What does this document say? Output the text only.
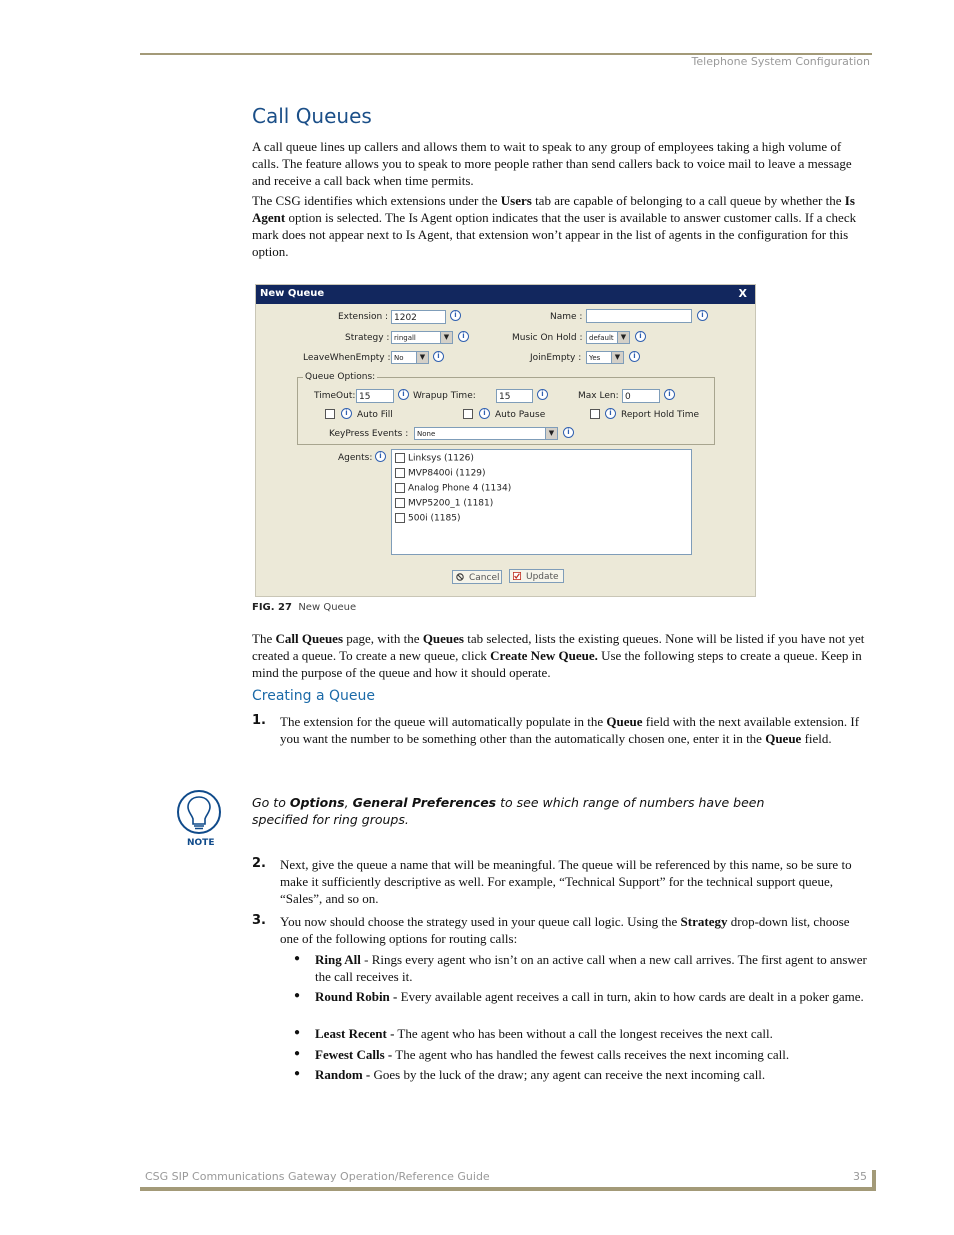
Telephone System Configuration
Call Queues

A call queue lines up callers and allows them to wait to speak to any group of employees taking a high volume of calls. The feature allows you to speak to more people rather than send callers back to voice mail to leave a message and receive a call back when time permits.

The CSG identifies which extensions under the Users tab are capable of belonging to a call queue by whether the Is Agent option is selected. The Is Agent option indicates that the user is available to answer customer calls. If a check mark does not appear next to Is Agent, that extension won’t appear in the list of agents in the configuration for this option.

New Queue	X
Extension : 1202	i	Name :	i
Strategy : ringall	▼	i	Music On Hold : default	▼	i
LeaveWhenEmpty : No	▼	i	JoinEmpty :	Yes	▼	i
Queue Options:
TimeOut: 15	i Wrapup Time:	15	i	Max Len: 0	i
i	Auto Fill	i	Auto Pause	i	Report Hold Time
KeyPress Events :	None	▼	i
Agents: i	Linksys (1126)
MVP8400i (1129)
Analog Phone 4 (1134)
MVP5200_1 (1181)
500i (1185)
Cancel	Update
FIG. 27 New Queue

The Call Queues page, with the Queues tab selected, lists the existing queues. None will be listed if you have not yet created a queue. To create a new queue, click Create New Queue. Use the following steps to create a queue. Keep in mind the purpose of the queue and how it should operate.

Creating a Queue
1. The extension for the queue will automatically populate in the Queue field with the next available extension. If you want the number to be something other than the automatically chosen one, enter it in the Queue field.

NOTE
Go to Options, General Preferences to see which range of numbers have been specified for ring groups.
2. Next, give the queue a name that will be meaningful. The queue will be referenced by this name, so be sure to make it sufficiently descriptive as well. For example, “Technical Support” for the technical support queue, “Sales”, and so on.

3. You now should choose the strategy used in your queue call logic. Using the Strategy drop-down list, choose one of the following options for routing calls:

● Ring All - Rings every agent who isn’t on an active call when a new call arrives. The first agent to answer the call receives it.

● Round Robin - Every available agent receives a call in turn, akin to how cards are dealt in a poker game.

● Least Recent - The agent who has been without a call the longest receives the next call.

● Fewest Calls - The agent who has handled the fewest calls receives the next incoming call.

● Random - Goes by the luck of the draw; any agent can receive the next incoming call.

CSG SIP Communications Gateway Operation/Reference Guide	35
